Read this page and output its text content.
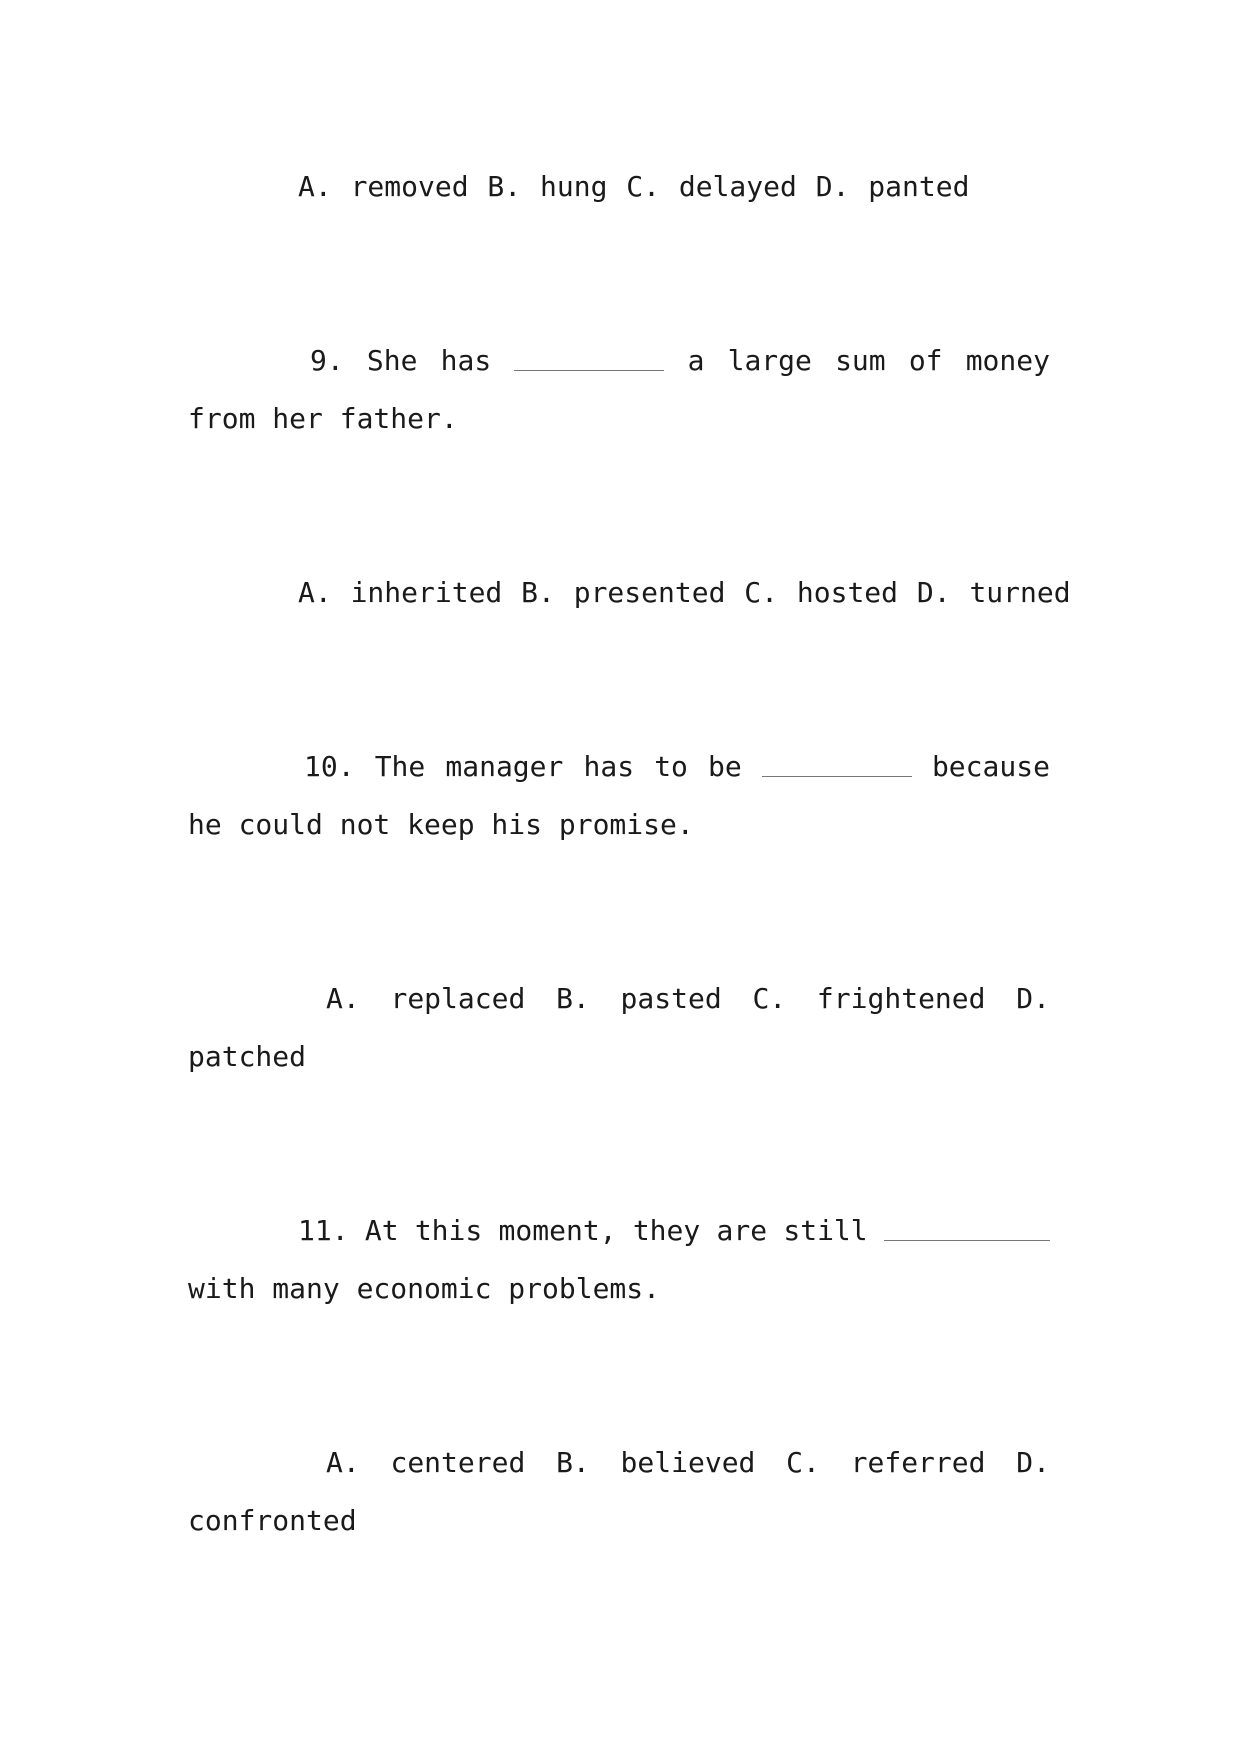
A. removed B. hung C. delayed D. panted
9. She has	a large sum of money
from her father.
A. inherited B. presented C. hosted D. turned
10. The manager has to be	because
he could not keep his promise.
A. replaced B. pasted C. frightened D.
patched
11. At this moment, they are still
with many economic problems.
A. centered B. believed C. referred D.
confronted
